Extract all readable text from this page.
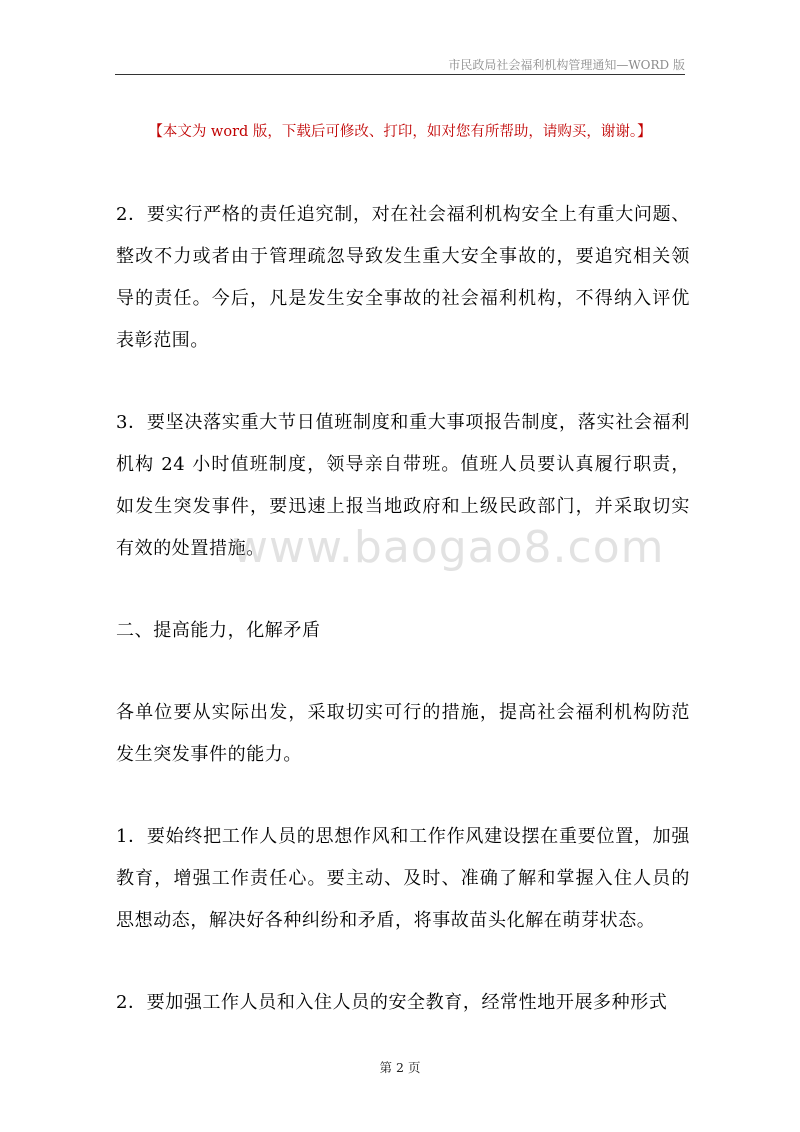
市民政局社会福利机构管理通知—WORD 版
【本文为 word 版，下载后可修改、打印，如对您有所帮助，请购买，谢谢。】

2．要实行严格的责任追究制，对在社会福利机构安全上有重大问题、整改不力或者由于管理疏忽导致发生重大安全事故的，要追究相关领导的责任。今后，凡是发生安全事故的社会福利机构，不得纳入评优表彰范围。

3．要坚决落实重大节日值班制度和重大事项报告制度，落实社会福利机构 24 小时值班制度，领导亲自带班。值班人员要认真履行职责，如发生突发事件，要迅速上报当地政府和上级民政部门，并采取切实有效的处置措施。

二、提高能力，化解矛盾

各单位要从实际出发，采取切实可行的措施，提高社会福利机构防范发生突发事件的能力。

1．要始终把工作人员的思想作风和工作作风建设摆在重要位置，加强教育，增强工作责任心。要主动、及时、准确了解和掌握入住人员的思想动态，解决好各种纠纷和矛盾，将事故苗头化解在萌芽状态。

2．要加强工作人员和入住人员的安全教育，经常性地开展多种形式

www.baogao8.com
第 2 页
